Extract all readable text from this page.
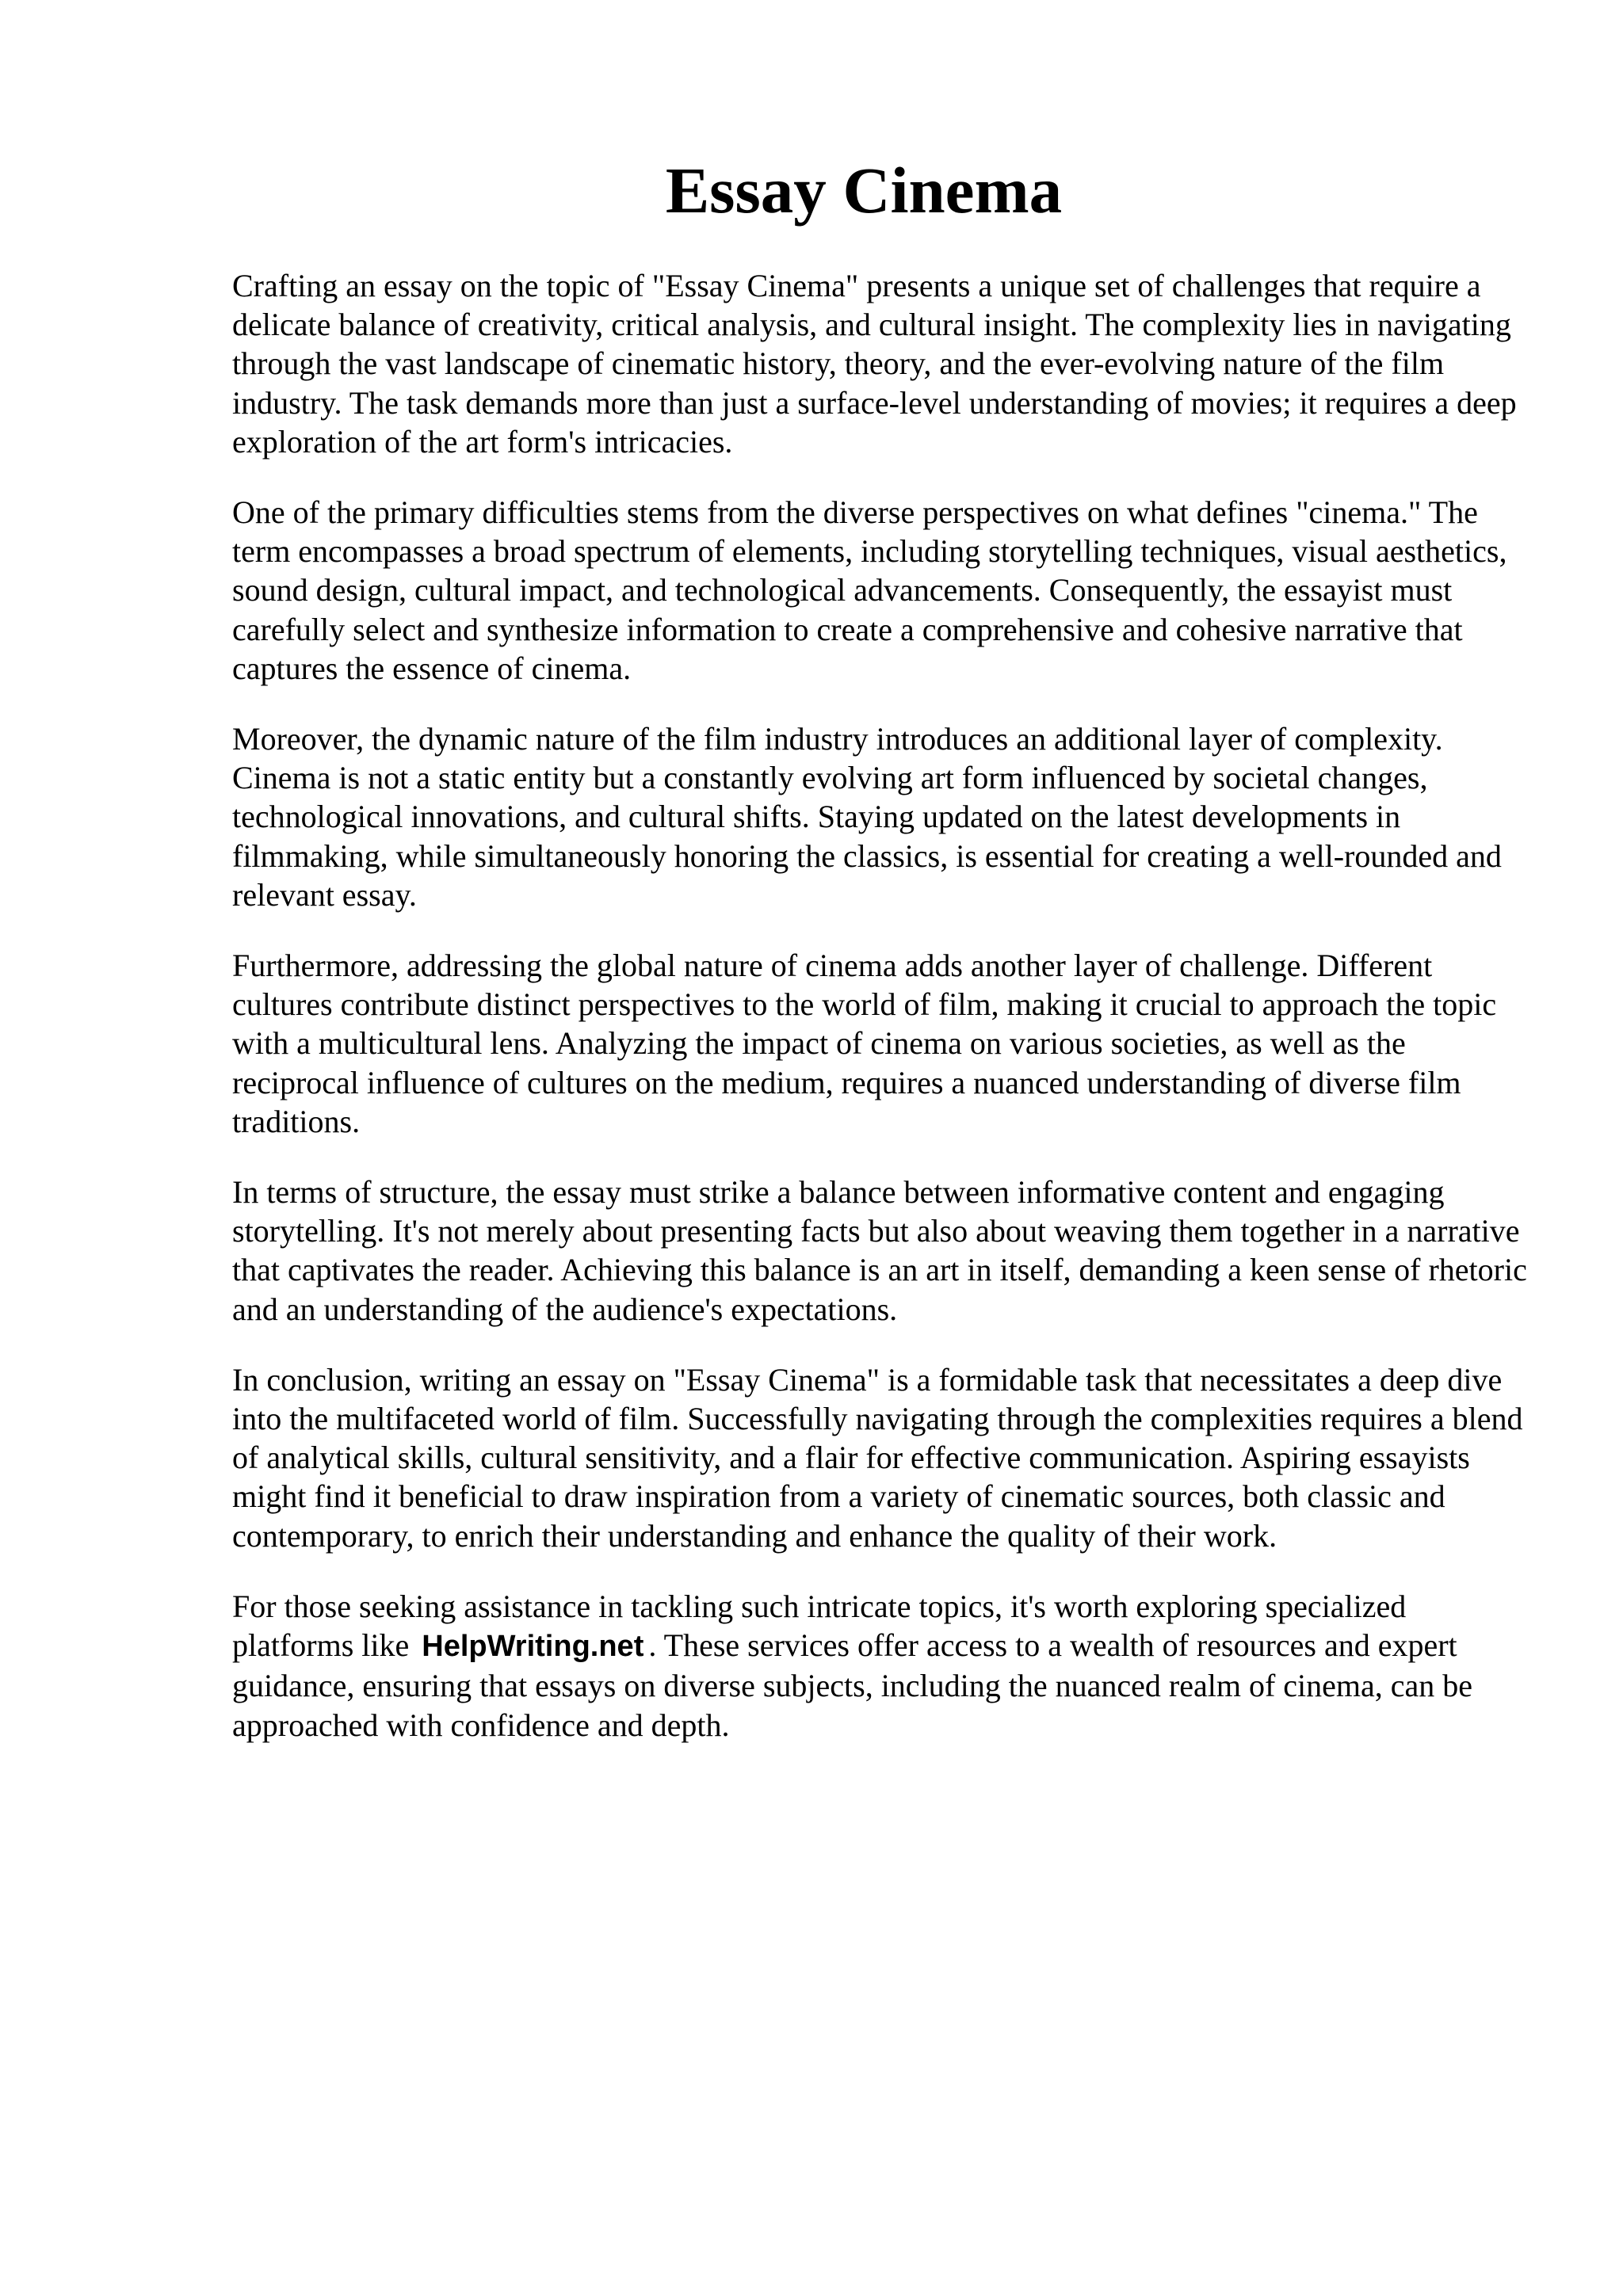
Essay Cinema

Crafting an essay on the topic of "Essay Cinema" presents a unique set of challenges that require a delicate balance of creativity, critical analysis, and cultural insight. The complexity lies in navigating through the vast landscape of cinematic history, theory, and the ever-evolving nature of the film industry. The task demands more than just a surface-level understanding of movies; it requires a deep exploration of the art form's intricacies.

One of the primary difficulties stems from the diverse perspectives on what defines "cinema." The term encompasses a broad spectrum of elements, including storytelling techniques, visual aesthetics, sound design, cultural impact, and technological advancements. Consequently, the essayist must carefully select and synthesize information to create a comprehensive and cohesive narrative that captures the essence of cinema.

Moreover, the dynamic nature of the film industry introduces an additional layer of complexity. Cinema is not a static entity but a constantly evolving art form influenced by societal changes, technological innovations, and cultural shifts. Staying updated on the latest developments in filmmaking, while simultaneously honoring the classics, is essential for creating a well-rounded and relevant essay.

Furthermore, addressing the global nature of cinema adds another layer of challenge. Different cultures contribute distinct perspectives to the world of film, making it crucial to approach the topic with a multicultural lens. Analyzing the impact of cinema on various societies, as well as the reciprocal influence of cultures on the medium, requires a nuanced understanding of diverse film traditions.

In terms of structure, the essay must strike a balance between informative content and engaging storytelling. It's not merely about presenting facts but also about weaving them together in a narrative that captivates the reader. Achieving this balance is an art in itself, demanding a keen sense of rhetoric and an understanding of the audience's expectations.

In conclusion, writing an essay on "Essay Cinema" is a formidable task that necessitates a deep dive into the multifaceted world of film. Successfully navigating through the complexities requires a blend of analytical skills, cultural sensitivity, and a flair for effective communication. Aspiring essayists might find it beneficial to draw inspiration from a variety of cinematic sources, both classic and contemporary, to enrich their understanding and enhance the quality of their work.

For those seeking assistance in tackling such intricate topics, it's worth exploring specialized platforms like HelpWriting.net . These services offer access to a wealth of resources and expert guidance, ensuring that essays on diverse subjects, including the nuanced realm of cinema, can be approached with confidence and depth.
